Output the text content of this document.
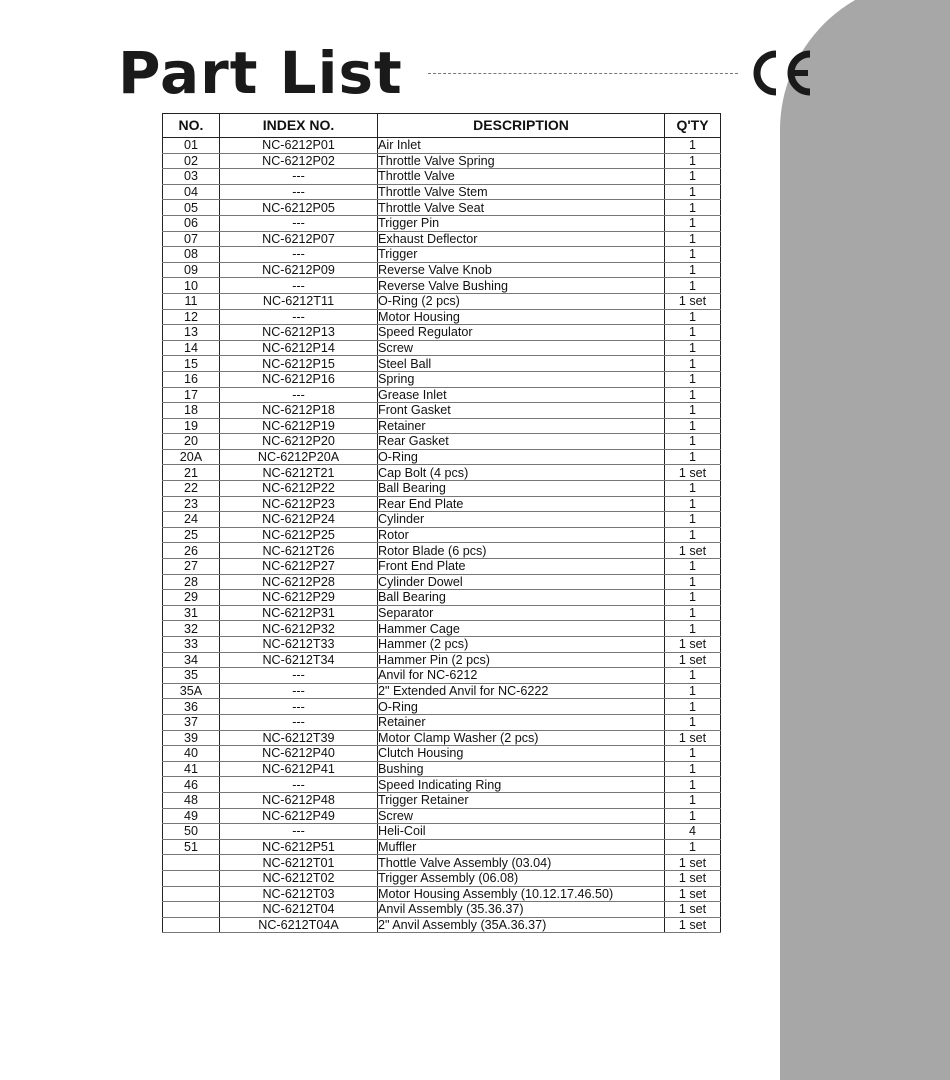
Part List
NO.	INDEX NO.	DESCRIPTION	Q'TY
01	NC-6212P01	Air Inlet	1
02	NC-6212P02	Throttle Valve Spring	1
03	---	Throttle Valve	1
04	---	Throttle Valve Stem	1
05	NC-6212P05	Throttle Valve Seat	1
06	---	Trigger Pin	1
07	NC-6212P07	Exhaust Deflector	1
08	---	Trigger	1
09	NC-6212P09	Reverse Valve Knob	1
10	---	Reverse Valve Bushing	1
11	NC-6212T11	O-Ring (2 pcs)	1 set
12	---	Motor Housing	1
13	NC-6212P13	Speed Regulator	1
14	NC-6212P14	Screw	1
15	NC-6212P15	Steel Ball	1
16	NC-6212P16	Spring	1
17	---	Grease Inlet	1
18	NC-6212P18	Front Gasket	1
19	NC-6212P19	Retainer	1
20	NC-6212P20	Rear Gasket	1
20A	NC-6212P20A	O-Ring	1
21	NC-6212T21	Cap Bolt (4 pcs)	1 set
22	NC-6212P22	Ball Bearing	1
23	NC-6212P23	Rear End Plate	1
24	NC-6212P24	Cylinder	1
25	NC-6212P25	Rotor	1
26	NC-6212T26	Rotor Blade (6 pcs)	1 set
27	NC-6212P27	Front End Plate	1
28	NC-6212P28	Cylinder Dowel	1
29	NC-6212P29	Ball Bearing	1
31	NC-6212P31	Separator	1
32	NC-6212P32	Hammer Cage	1
33	NC-6212T33	Hammer (2 pcs)	1 set
34	NC-6212T34	Hammer Pin (2 pcs)	1 set
35	---	Anvil for NC-6212	1
35A	---	2" Extended Anvil for NC-6222	1
36	---	O-Ring	1
37	---	Retainer	1
39	NC-6212T39	Motor Clamp Washer (2 pcs)	1 set
40	NC-6212P40	Clutch Housing	1
41	NC-6212P41	Bushing	1
46	---	Speed Indicating Ring	1
48	NC-6212P48	Trigger Retainer	1
49	NC-6212P49	Screw	1
50	---	Heli-Coil	4
51	NC-6212P51	Muffler	1
	NC-6212T01	Thottle Valve Assembly (03.04)	1 set
	NC-6212T02	Trigger Assembly (06.08)	1 set
	NC-6212T03	Motor Housing Assembly (10.12.17.46.50)	1 set
	NC-6212T04	Anvil Assembly (35.36.37)	1 set
	NC-6212T04A	2" Anvil Assembly (35A.36.37)	1 set
